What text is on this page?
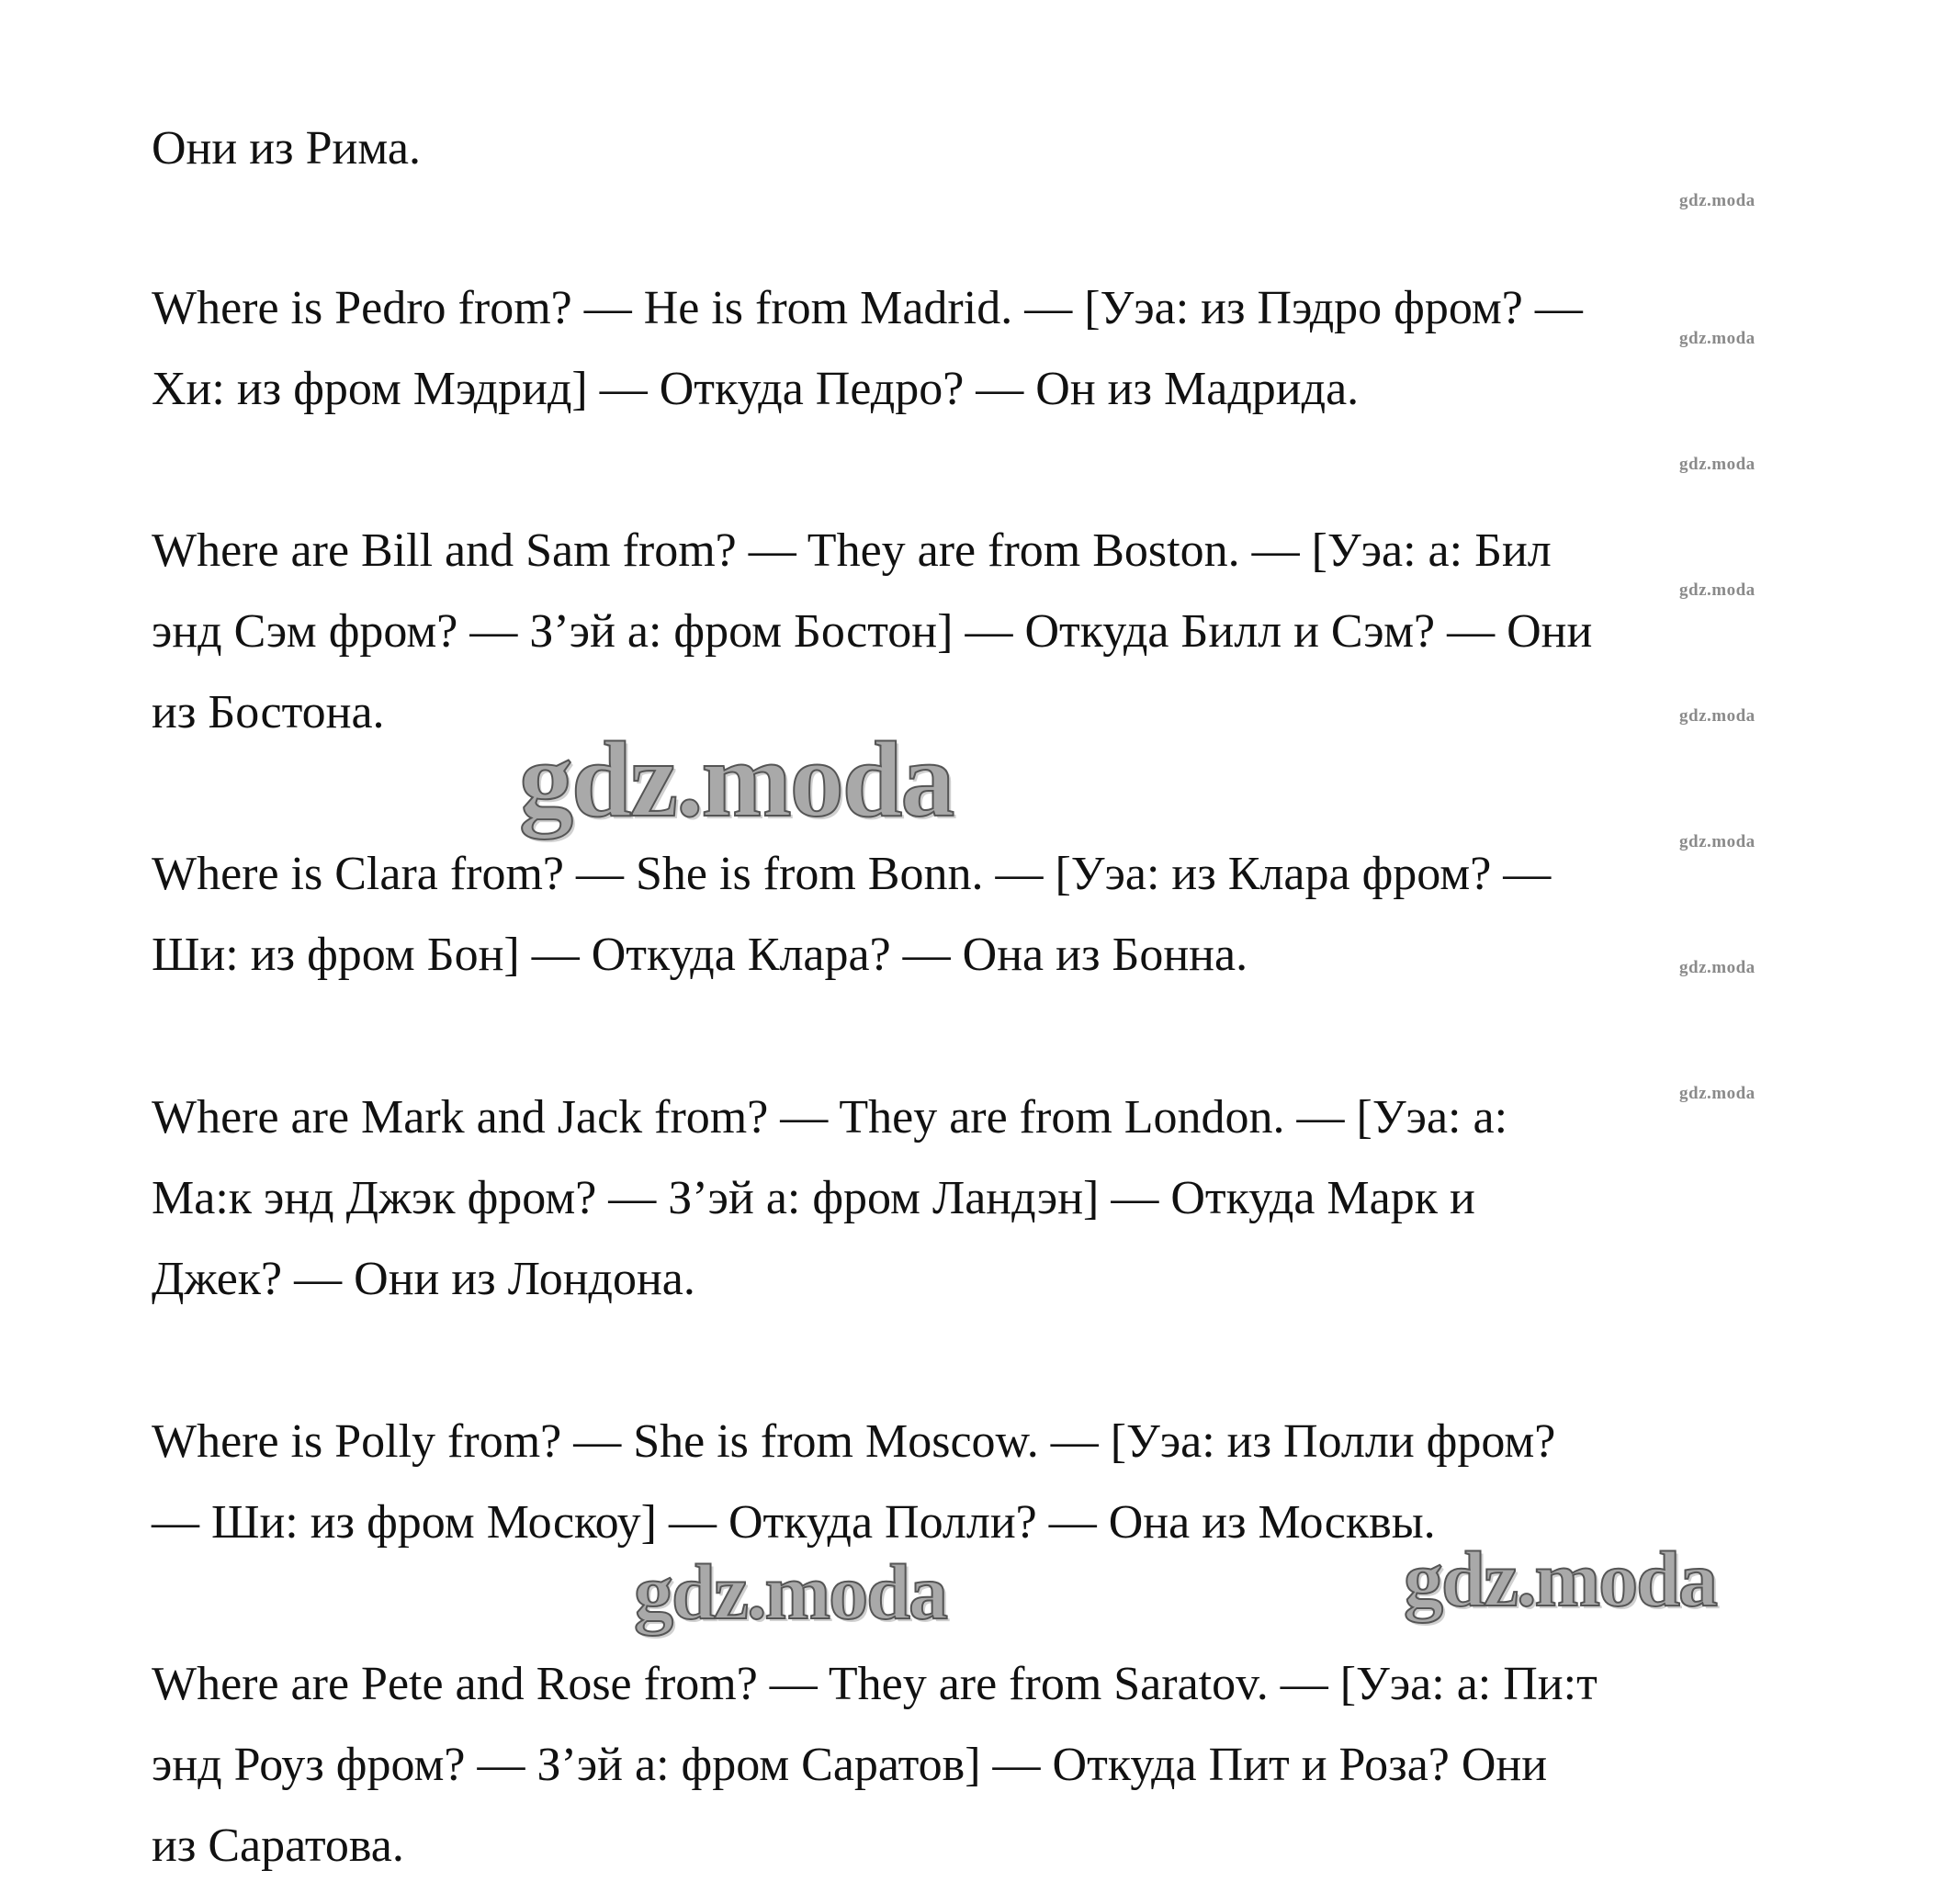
Они из Рима.

Where is Pedro from? — He is from Madrid. — [Уэа: из Пэдро фром? —
Хи: из фром Мэдрид] — Откуда Педро? — Он из Мадрида.

Where are Bill and Sam from? — They are from Boston. — [Уэа: а: Бил
энд Сэм фром? — З’эй а: фром Бостон] — Откуда Билл и Сэм? — Они
из Бостона.

Where is Clara from? — She is from Bonn. — [Уэа: из Клара фром? —
Ши: из фром Бон] — Откуда Клара? — Она из Бонна.

Where are Mark and Jack from? — They are from London. — [Уэа: а:
Ма:к энд Джэк фром? — З’эй а: фром Ландэн] — Откуда Марк и
Джек? — Они из Лондона.

Where is Polly from? — She is from Moscow. — [Уэа: из Полли фром?
— Ши: из фром Москоу] — Откуда Полли? — Она из Москвы.

Where are Pete and Rose from? — They are from Saratov. — [Уэа: а: Пи:т
энд Роуз фром? — З’эй а: фром Саратов] — Откуда Пит и Роза? Они
из Саратова.

gdz.moda
gdz.moda
gdz.moda
gdz.moda
gdz.moda
gdz.moda
gdz.moda
gdz.moda
gdz.moda
gdz.moda	gdz.moda
